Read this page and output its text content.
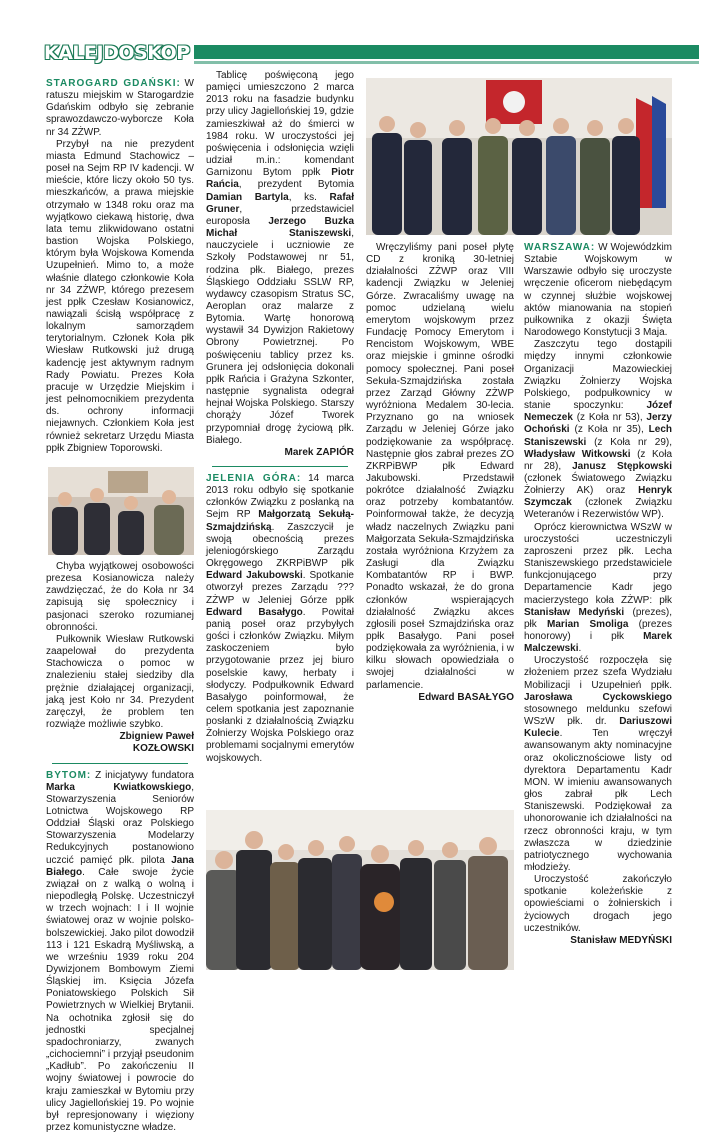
KALEJDOSKOP

STAROGARD GDAŃSKI: W ratuszu miejskim w Starogardzie Gdańskim odbyło się zebranie sprawozdawczo-wyborcze Koła nr 34 ZŻWP.

Przybył na nie prezydent miasta Edmund Stachowicz – poseł na Sejm RP IV kadencji. W mieście, które liczy około 50 tys. mieszkańców, a prawa miejskie otrzymało w 1348 roku oraz ma wyjątkowo ciekawą historię, dwa lata temu zlikwidowano ostatni bastion Wojska Polskiego, którym była Wojskowa Komenda Uzupełnień. Mimo to, a może właśnie dlatego członkowie Koła nr 34 ZŻWP, którego prezesem jest ppłk Czesław Kosianowicz, nawiązali ścisłą współpracę z lokalnym samorządem terytorialnym. Członek Koła płk Wiesław Rutkowski już drugą kadencję jest aktywnym radnym Rady Powiatu. Prezes Koła pracuje w Urzędzie Miejskim i jest pełnomocnikiem prezydenta ds. ochrony informacji niejawnych. Członkiem Koła jest również sekretarz Urzędu Miasta ppłk Zbigniew Toporowski.

Chyba wyjątkowej osobowości prezesa Kosianowicza należy zawdzięczać, że do Koła nr 34 zapisują się społecznicy i pasjonaci szeroko rozumianej obronności.

Pułkownik Wiesław Rutkowski zaapelował do prezydenta Stachowicza o pomoc w znalezieniu stałej siedziby dla prężnie działającej organizacji, jaką jest Koło nr 34. Prezydent zaręczył, że problem ten rozwiąże możliwie szybko.

Zbigniew Paweł

KOZŁOWSKI

BYTOM: Z inicjatywy fundatora Marka Kwiatkowskiego, Stowarzyszenia Seniorów Lotnictwa Wojskowego RP Oddział Śląski oraz Polskiego Stowarzyszenia Modelarzy Redukcyjnych postanowiono uczcić pamięć płk. pilota Jana Białego. Całe swoje życie związał on z walką o wolną i niepodległą Polskę. Uczestniczył w trzech wojnach: I i II wojnie światowej oraz w wojnie polsko-bolszewickiej. Jako pilot dowodził 113 i 121 Eskadrą Myśliwską, a we wrześniu 1939 roku 204 Dywizjonem Bombowym Ziemi Śląskiej im. Księcia Józefa Poniatowskiego Polskich Sił Powietrznych w Wielkiej Brytanii. Na ochotnika zgłosił się do jednostki specjalnej spadochroniarzy, zwanych „cichociemni” i przyjął pseudonim „Kadłub”. Po zakończeniu II wojny światowej i powrocie do kraju zamieszkał w Bytomiu przy ulicy Jagiellońskiej 19. Po wojnie był represjonowany i więziony przez komunistyczne władze.

Tablicę poświęconą jego pamięci umieszczono 2 marca 2013 roku na fasadzie budynku przy ulicy Jagiellońskiej 19, gdzie zamieszkiwał aż do śmierci w 1984 roku. W uroczystości jej poświęcenia i odsłonięcia wzięli udział m.in.: komendant Garnizonu Bytom ppłk Piotr Rańcia, prezydent Bytomia Damian Bartyla, ks. Rafał Gruner, przedstawiciel europosła Jerzego Buzka Michał Staniszewski, nauczyciele i uczniowie ze Szkoły Podstawowej nr 51, rodzina płk. Białego, prezes Śląskiego Oddziału SSLW RP, wydawcy czasopism Stratus SC, Aeroplan oraz malarze z Bytomia. Wartę honorową wystawił 34 Dywizjon Rakietowy Obrony Powietrznej. Po poświęceniu tablicy przez ks. Grunera jej odsłonięcia dokonali ppłk Rańcia i Grażyna Szkonter, następnie sygnalista odegrał hejnał Wojska Polskiego. Starszy chorąży Józef Tworek przypomniał drogę życiową płk. Białego.

Marek ZAPIÓR

JELENIA GÓRA: 14 marca 2013 roku odbyło się spotkanie członków Związku z posłanką na Sejm RP Małgorzatą Sekułą-Szmajdzińską. Zaszczycił je swoją obecnością prezes jeleniogórskiego Zarządu Okręgowego ZKRPiBWP płk Edward Jakubowski. Spotkanie otworzył prezes Zarządu ??? ZŻWP w Jeleniej Górze ppłk Edward Basałygo. Powitał panią poseł oraz przybyłych gości i członków Związku. Miłym zaskoczeniem było przygotowanie przez jej biuro poselskie kawy, herbaty i słodyczy. Podpułkownik Edward Basałygo poinformował, że celem spotkania jest zapoznanie posłanki z działalnością Związku Żołnierzy Wojska Polskiego oraz problemami socjalnymi emerytów wojskowych.

Wręczyliśmy pani poseł płytę CD z kroniką 30-letniej działalności ZŻWP oraz VIII kadencji Związku w Jeleniej Górze. Zwracaliśmy uwagę na pomoc udzielaną wielu emerytom wojskowym przez Fundację Pomocy Emerytom i Rencistom Wojskowym, WBE oraz miejskie i gminne ośrodki pomocy społecznej. Pani poseł Sekuła-Szmajdzińska została przez Zarząd Główny ZŻWP wyróżniona Medalem 30-lecia. Przyznano go na wniosek Zarządu w Jeleniej Górze jako podziękowanie za współpracę. Następnie głos zabrał prezes ZO ZKRPiBWP płk Edward Jakubowski. Przedstawił pokrótce działalność Związku oraz potrzeby kombatantów. Poinformował także, że decyzją władz naczelnych Związku pani Małgorzata Sekuła-Szmajdzińska została wyróżniona Krzyżem za Zasługi dla Związku Kombatantów RP i BWP. Ponadto wskazał, że do grona członków wspierających działalność Związku akces zgłosili poseł Szmajdzińska oraz ppłk Basałygo. Pani poseł podziękowała za wyróżnienia, i w kilku słowach opowiedziała o swojej działalności w parlamencie.

Edward BASAŁYGO

WARSZAWA: W Wojewódzkim Sztabie Wojskowym w Warszawie odbyło się uroczyste wręczenie oficerom niebędącym w czynnej służbie wojskowej aktów mianowania na stopień pułkownika z okazji Święta Narodowego Konstytucji 3 Maja.

Zaszczytu tego dostąpili między innymi członkowie Organizacji Mazowieckiej Związku Żołnierzy Wojska Polskiego, podpułkownicy w stanie spoczynku: Józef Nemeczek (z Koła nr 53), Jerzy Ochoński (z Koła nr 35), Lech Staniszewski (z Koła nr 29), Władysław Witkowski (z Koła nr 28), Janusz Stępkowski (członek Światowego Związku Żołnierzy AK) oraz Henryk Szymczak (członek Związku Weteranów i Rezerwistów WP).

Oprócz kierownictwa WSzW w uroczystości uczestniczyli zaproszeni przez płk. Lecha Staniszewskiego przedstawiciele funkcjonującego przy Departamencie Kadr jego macierzystego koła ZŻWP: płk Stanisław Medyński (prezes), płk Marian Smoliga (prezes honorowy) i płk Marek Malczewski.

Uroczystość rozpoczęła się złożeniem przez szefa Wydziału Mobilizacji i Uzupełnień ppłk. Jarosława Cyckowskiego stosownego meldunku szefowi WSzW płk. dr. Dariuszowi Kulecie. Ten wręczył awansowanym akty nominacyjne oraz okolicznościowe listy od dyrektora Departamentu Kadr MON. W imieniu awansowanych głos zabrał płk Lech Staniszewski. Podziękował za uhonorowanie ich działalności na rzecz obronności kraju, w tym zwłaszcza w dziedzinie patriotycznego wychowania młodzieży.

Uroczystość zakończyło spotkanie koleżeńskie z opowieściami o żołnierskich i życiowych drogach jego uczestników.

Stanisław MEDYŃSKI
